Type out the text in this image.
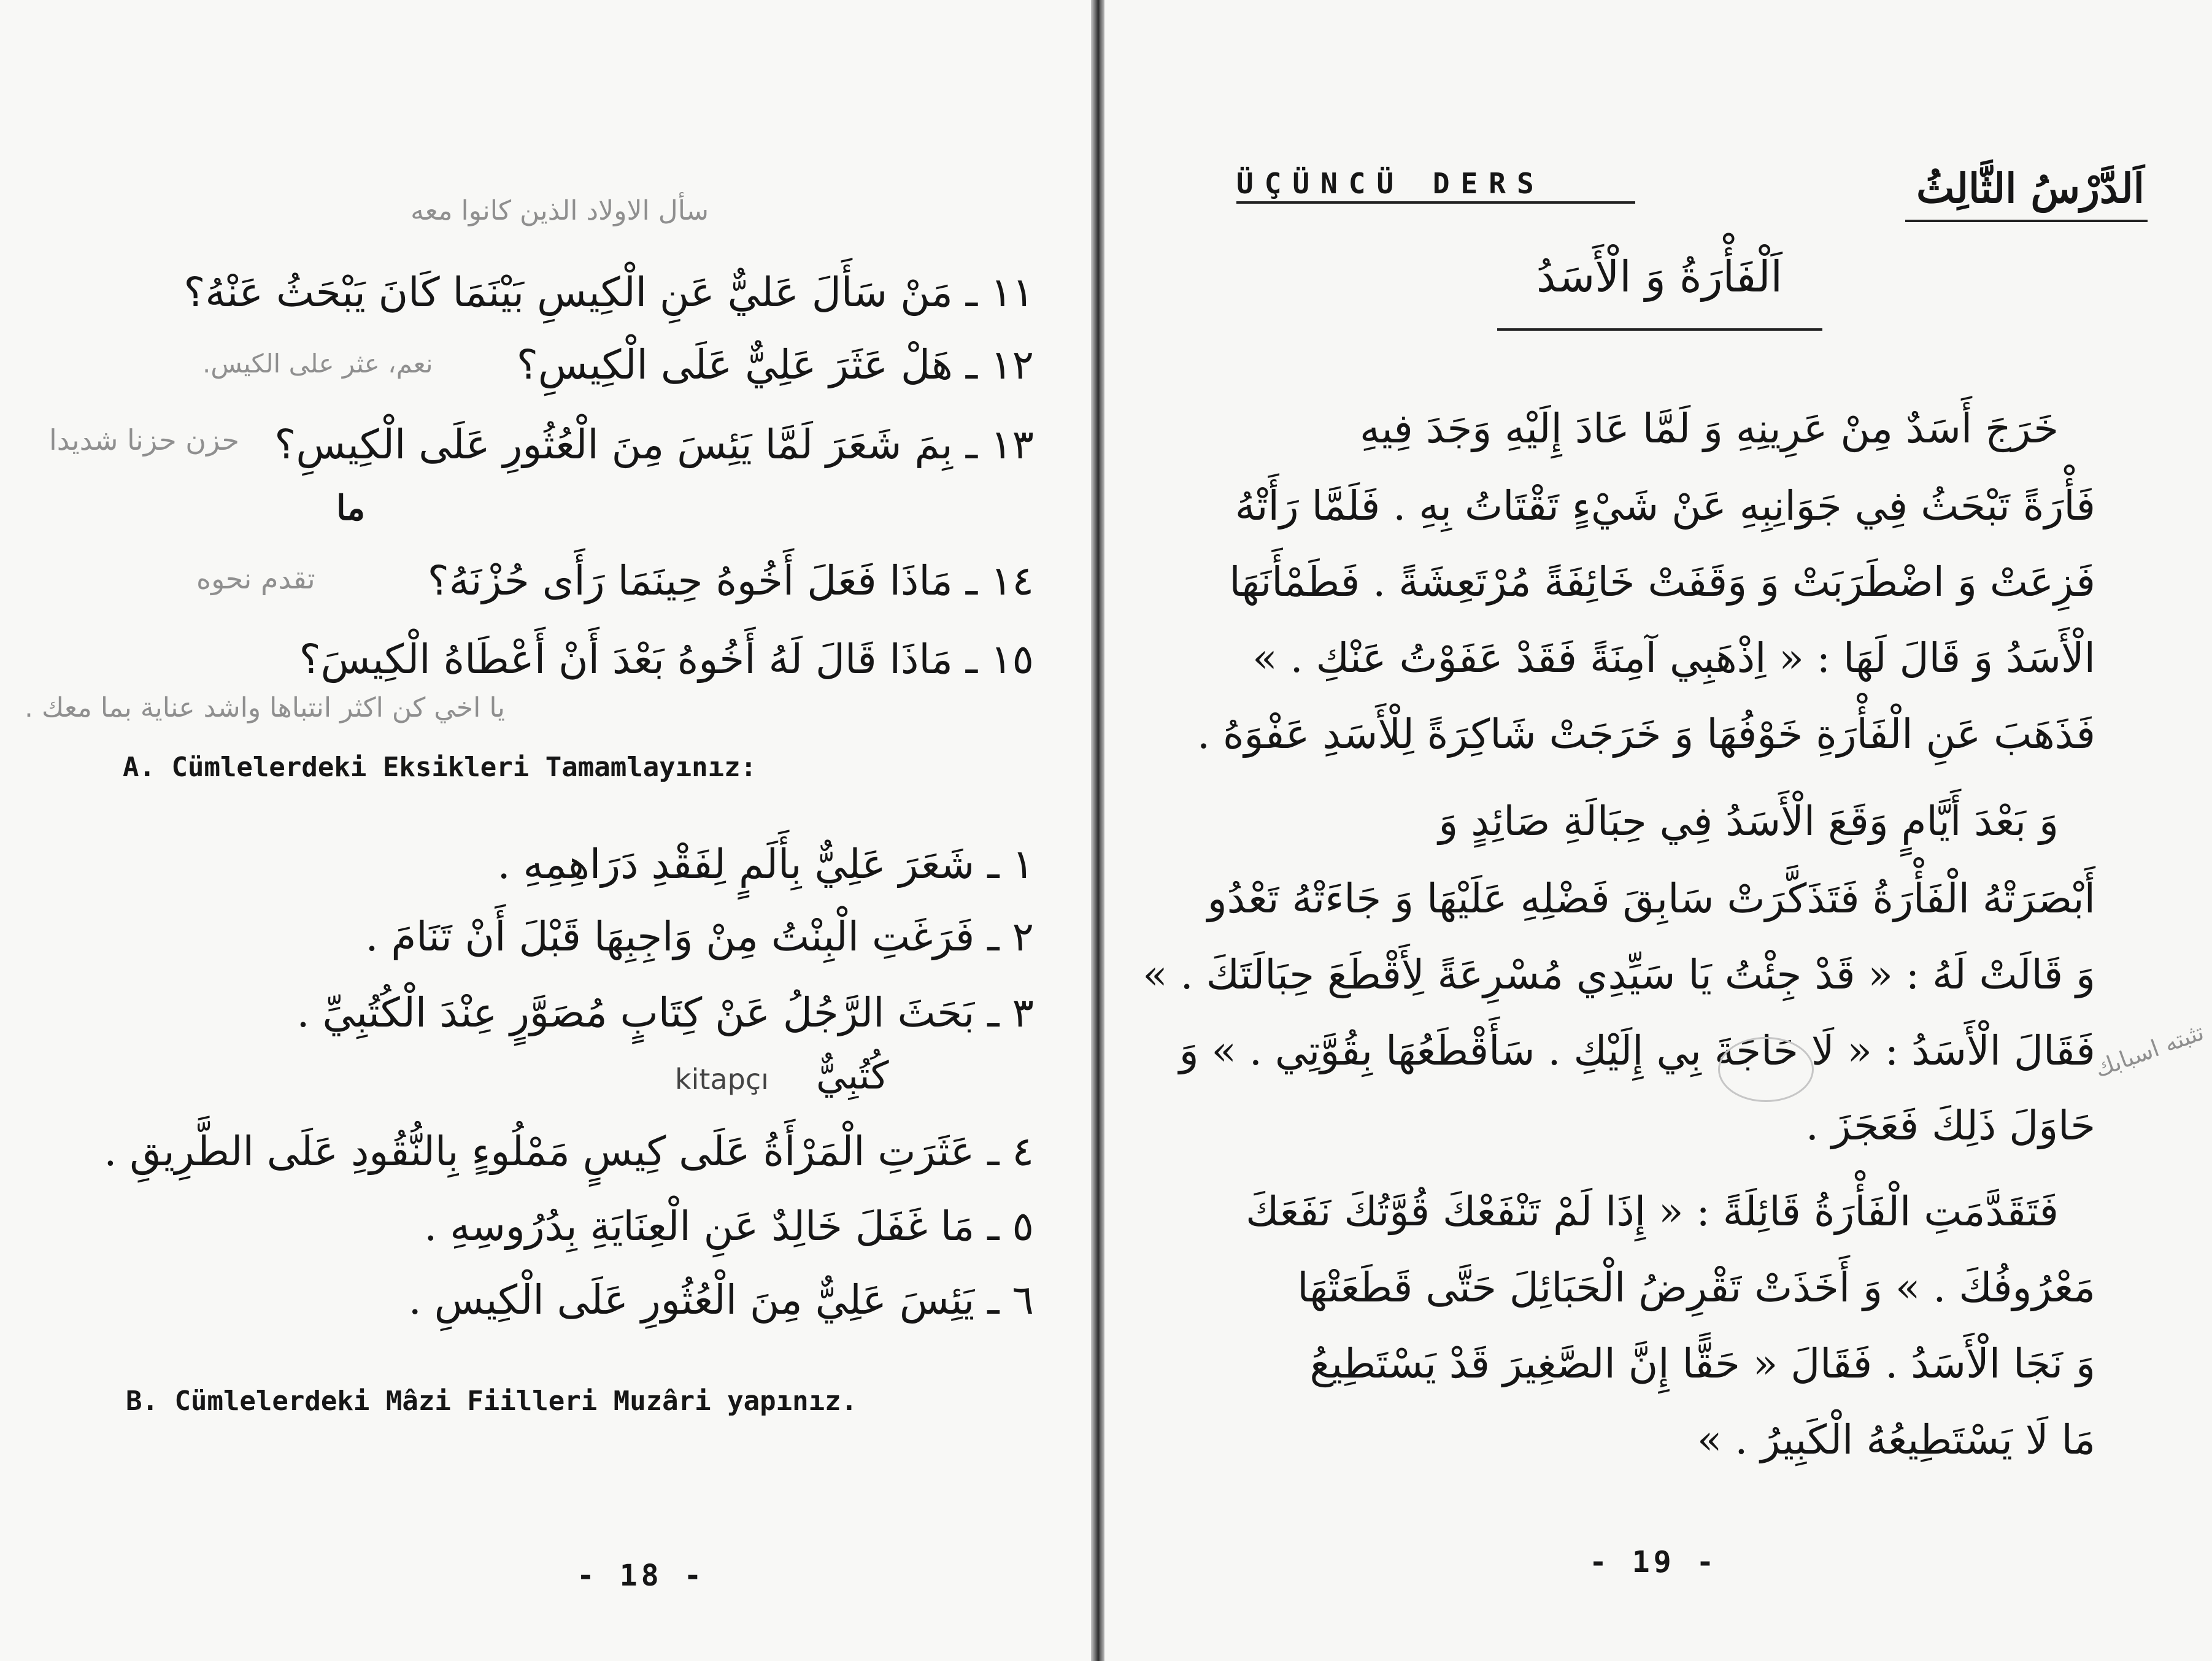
سأل الاولاد الذين كانوا معه
١١ ـ مَنْ سَأَلَ عَليٌّ عَنِ الْكِيسِ بَيْنَمَا كَانَ يَبْحَثُ عَنْهُ؟
١٢ ـ هَلْ عَثَرَ عَلِيٌّ عَلَى الْكِيسِ؟
نعم، عثر على الكيس.
١٣ ـ بِمَ شَعَرَ لَمَّا يَئِسَ مِنَ الْعُثُورِ عَلَى الْكِيسِ؟
حزن حزنا شديدا
ما
١٤ ـ مَاذَا فَعَلَ أَخُوهُ حِينَمَا رَأَى حُزْنَهُ؟
تقدم نحوه
١٥ ـ مَاذَا قَالَ لَهُ أَخُوهُ بَعْدَ أَنْ أَعْطَاهُ الْكِيسَ؟
يا اخي كن اكثر انتباها واشد عناية بما معك .
A. Cümlelerdeki Eksikleri Tamamlayınız:
١ ـ شَعَرَ عَلِيٌّ بِأَلَمٍ لِفَقْدِ دَرَاهِمِهِ .
٢ ـ فَرَغَتِ الْبِنْتُ مِنْ وَاجِبِهَا قَبْلَ أَنْ تَنَامَ .
٣ ـ بَحَثَ الرَّجُلُ عَنْ كِتَابٍ مُصَوَّرٍ عِنْدَ الْكُتُبِيِّ .
كُتُبِيٌّ
kitapçı
٤ ـ عَثَرَتِ الْمَرْأَةُ عَلَى كِيسٍ مَمْلُوءٍ بِالنُّقُودِ عَلَى الطَّرِيقِ .
٥ ـ مَا غَفَلَ خَالِدٌ عَنِ الْعِنَايَةِ بِدُرُوسِهِ .
٦ ـ يَئِسَ عَلِيٌّ مِنَ الْعُثُورِ عَلَى الْكِيسِ .
B. Cümlelerdeki Mâzi Fiilleri Muzâri yapınız.
- 18 -
ÜÇÜNCÜ DERS	اَلدَّرْسُ الثَّالِثُ
اَلْفَأْرَةُ وَ الْأَسَدُ
خَرَجَ أَسَدٌ مِنْ عَرِينِهِ وَ لَمَّا عَادَ إِلَيْهِ وَجَدَ فِيهِ
فَأْرَةً تَبْحَثُ فِي جَوَانِبِهِ عَنْ شَيْءٍ تَقْتَاتُ بِهِ . فَلَمَّا رَأَتْهُ
فَزِعَتْ وَ اضْطَرَبَتْ وَ وَقَفَتْ خَائِفَةً مُرْتَعِشَةً . فَطَمْأَنَهَا
الْأَسَدُ وَ قَالَ لَهَا : « اِذْهَبِي آمِنَةً فَقَدْ عَفَوْتُ عَنْكِ . »
فَذَهَبَ عَنِ الْفَأْرَةِ خَوْفُهَا وَ خَرَجَتْ شَاكِرَةً لِلْأَسَدِ عَفْوَهُ .
وَ بَعْدَ أَيَّامٍ وَقَعَ الْأَسَدُ فِي حِبَالَةِ صَائِدٍ وَ
أَبْصَرَتْهُ الْفَأْرَةُ فَتَذَكَّرَتْ سَابِقَ فَضْلِهِ عَلَيْهَا وَ جَاءَتْهُ تَعْدُو
وَ قَالَتْ لَهُ : « قَدْ جِئْتُ يَا سَيِّدِي مُسْرِعَةً لِأَقْطَعَ حِبَالَتَكَ . »
فَقَالَ الْأَسَدُ : « لَا حَاجَةَ بِي إِلَيْكِ . سَأَقْطَعُهَا بِقُوَّتِي . » وَ
حَاوَلَ ذَلِكَ فَعَجَزَ .
تثبته اسبابك
فَتَقَدَّمَتِ الْفَأْرَةُ قَائِلَةً : « إِذَا لَمْ تَنْفَعْكَ قُوَّتُكَ نَفَعَكَ
مَعْرُوفُكَ . » وَ أَخَذَتْ تَقْرِضُ الْحَبَائِلَ حَتَّى قَطَعَتْهَا
وَ نَجَا الْأَسَدُ . فَقَالَ « حَقًّا إِنَّ الصَّغِيرَ قَدْ يَسْتَطِيعُ
مَا لَا يَسْتَطِيعُهُ الْكَبِيرُ . »
- 19 -
